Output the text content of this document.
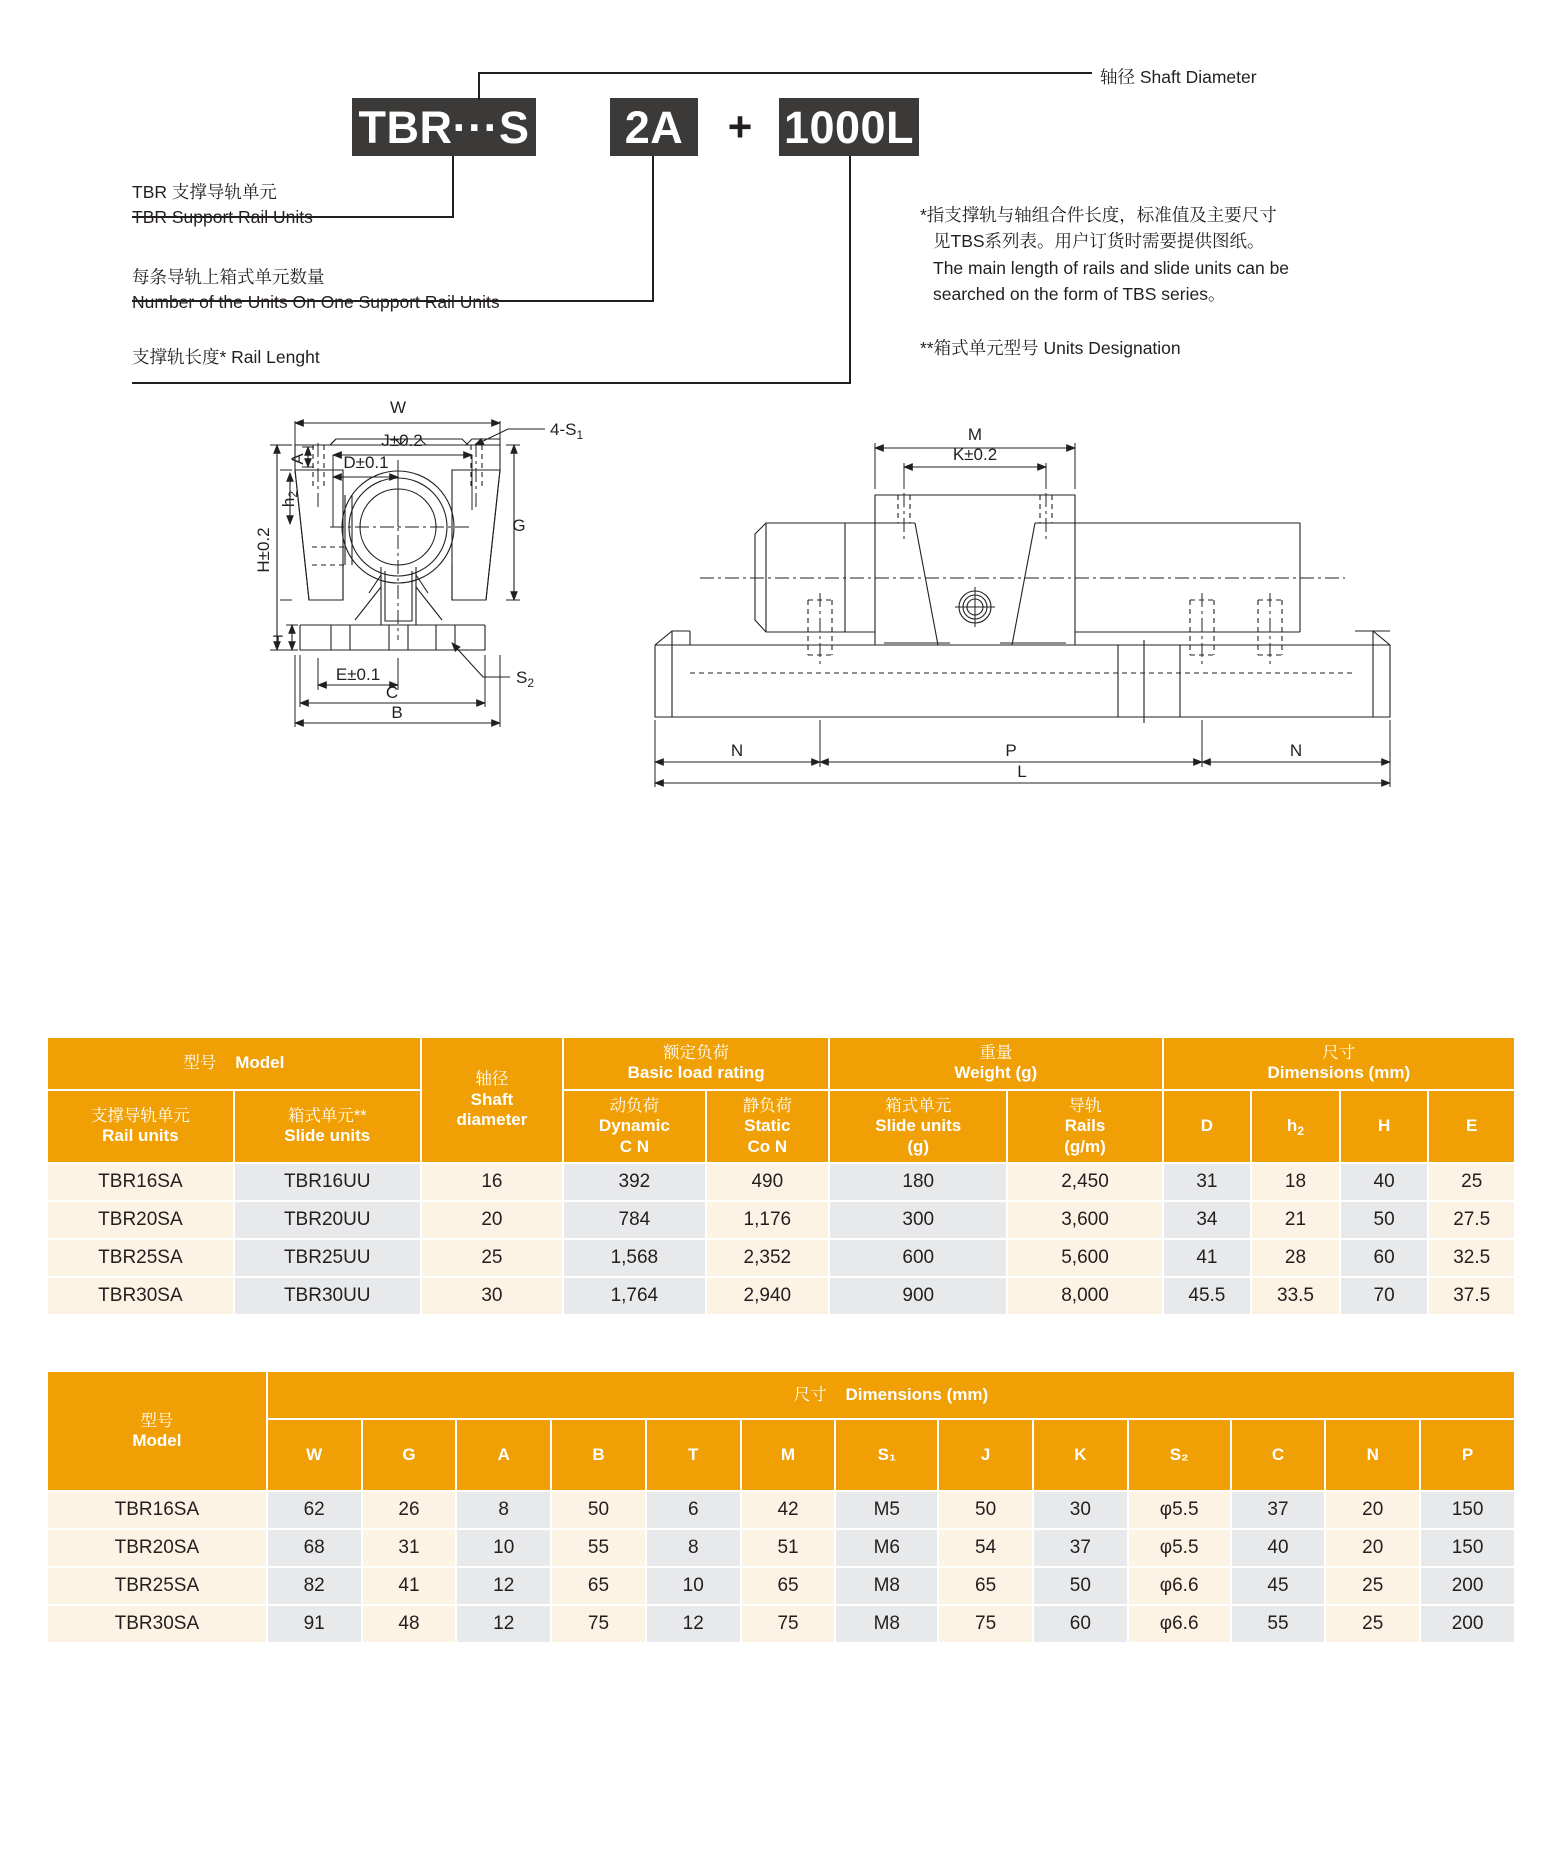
TBR···S	2A	+ 1000L
轴径 Shaft Diameter
TBR 支撑导轨单元
TBR Support Rail Units
每条导轨上箱式单元数量
Number of the Units On One Support Rail Units
支撑轨长度* Rail Lenght
*指支撑轨与轴组合件长度，标准值及主要尺寸
见TBS系列表。用户订货时需要提供图纸。
The main length of rails and slide units can be
searched on the form of TBS series。
**箱式单元型号 Units Designation
W
J±0.2
D±0.1
$4-S_1$
G
T
E±0.1
C
B
$S_2$
h2
H±0.2
A
M
K±0.2
N	P	N
L
型号 Model		轴径
Shaft
diameter	额定负荷
Basic load rating		重量
Weight (g)		尺寸
Dimensions (mm)			

支撑导轨单元
Rail units	箱式单元**
Slide units		动负荷
Dynamic
C N	静负荷
Static
Co N	箱式单元
Slide units
(g)	导轨
Rails
(g/m)	D	$h_2$	H	E
TBR16SA	TBR16UU	16	392	490	180	2,450	31	18	40	25
TBR20SA	TBR20UU	20	784	1,176	300	3,600	34	21	50	27.5
TBR25SA	TBR25UU	25	1,568	2,352	600	5,600	41	28	60	32.5
TBR30SA	TBR30UU	30	1,764	2,940	900	8,000	45.5	33.5	70	37.5
型号
Model	尺寸 Dimensions (mm)												
	W	G	A	B	T	M	S₁	J	K	S₂	C	N	P
TBR16SA	62	26	8	50	6	42	M5	50	30	φ5.5	37	20	150
TBR20SA	68	31	10	55	8	51	M6	54	37	φ5.5	40	20	150
TBR25SA	82	41	12	65	10	65	M8	65	50	φ6.6	45	25	200
TBR30SA	91	48	12	75	12	75	M8	75	60	φ6.6	55	25	200
